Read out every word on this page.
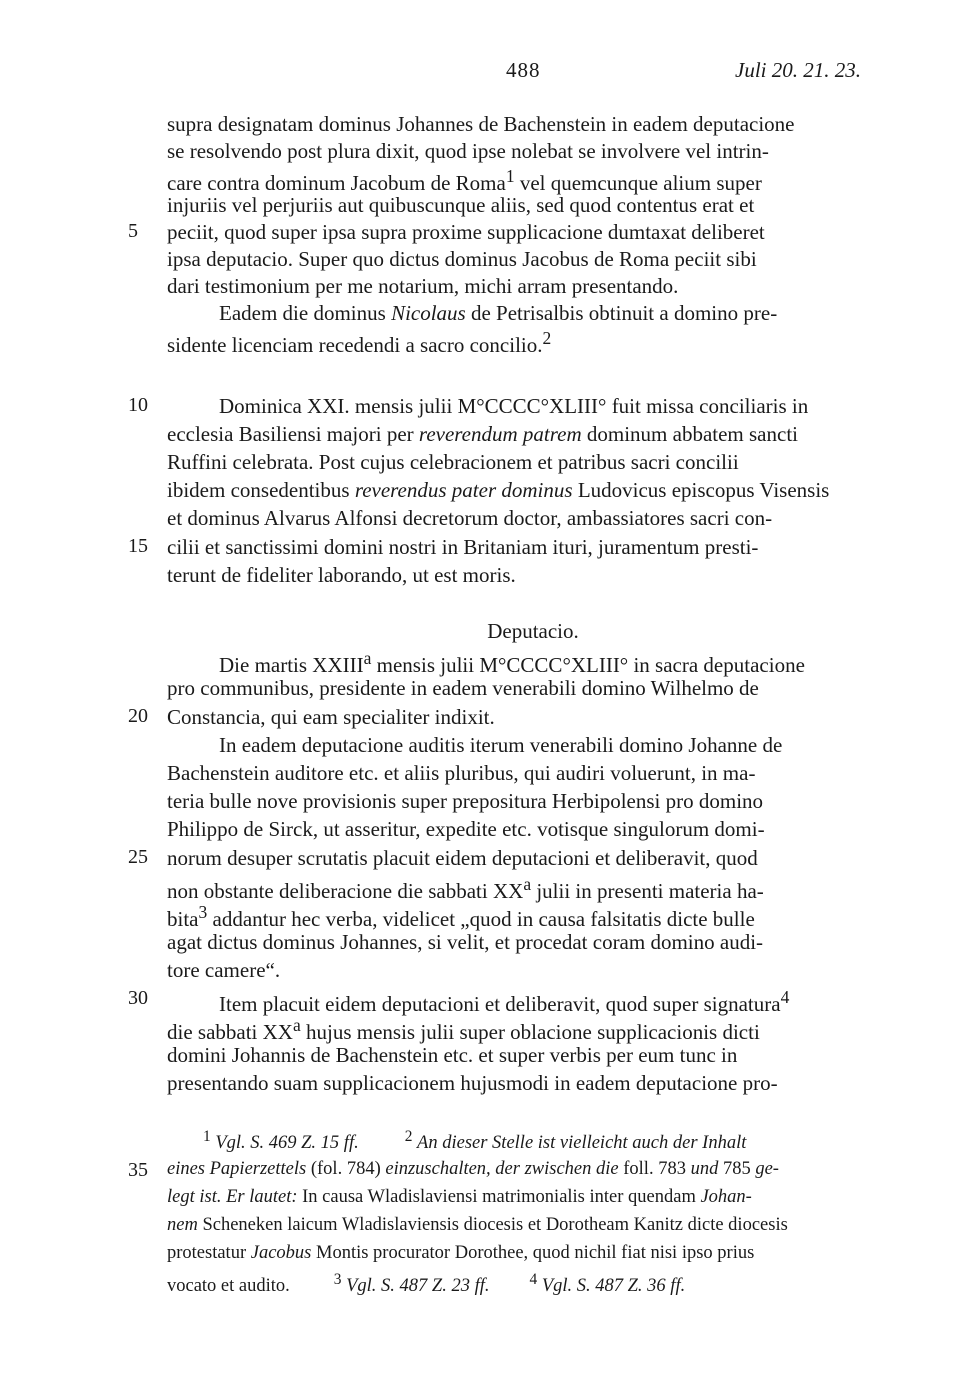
488	Juli 20. 21. 23.
5
10
15
20
25
30
35
supra designatam dominus Johannes de Bachenstein in eadem deputacione
se resolvendo post plura dixit, quod ipse nolebat se involvere vel intrin-
care contra dominum Jacobum de Roma$^1$ vel quemcunque alium super
injuriis vel perjuriis aut quibuscunque aliis, sed quod contentus erat et
peciit, quod super ipsa supra proxime supplicacione dumtaxat deliberet
ipsa deputacio. Super quo dictus dominus Jacobus de Roma peciit sibi
dari testimonium per me notarium, michi arram presentando.
Eadem die dominus Nicolaus de Petrisalbis obtinuit a domino pre-
sidente licenciam recedendi a sacro concilio.$^2$
Dominica XXI. mensis julii M°CCCC°XLIII° fuit missa conciliaris in
ecclesia Basiliensi majori per reverendum patrem dominum abbatem sancti
Ruffini celebrata. Post cujus celebracionem et patribus sacri concilii
ibidem consedentibus reverendus pater dominus Ludovicus episcopus Visensis
et dominus Alvarus Alfonsi decretorum doctor, ambassiatores sacri con-
cilii et sanctissimi domini nostri in Britaniam ituri, juramentum presti-
terunt de fideliter laborando, ut est moris.
Deputacio.
Die martis XXIII$^a$ mensis julii M°CCCC°XLIII° in sacra deputacione
pro communibus, presidente in eadem venerabili domino Wilhelmo de
Constancia, qui eam specialiter indixit.
In eadem deputacione auditis iterum venerabili domino Johanne de
Bachenstein auditore etc. et aliis pluribus, qui audiri voluerunt, in ma-
teria bulle nove provisionis super prepositura Herbipolensi pro domino
Philippo de Sirck, ut asseritur, expedite etc. votisque singulorum domi-
norum desuper scrutatis placuit eidem deputacioni et deliberavit, quod
non obstante deliberacione die sabbati $XX^a$ julii in presenti materia ha-
bita$^3$ addantur hec verba, videlicet „quod in causa falsitatis dicte bulle
agat dictus dominus Johannes, si velit, et procedat coram domino audi-
tore camere“.
Item placuit eidem deputacioni et deliberavit, quod super signatura$^4$
die sabbati $XX^a$ hujus mensis julii super oblacione supplicacionis dicti
domini Johannis de Bachenstein etc. et super verbis per eum tunc in
presentando suam supplicacionem hujusmodi in eadem deputacione pro-
$^1$ Vgl. S. 469 Z. 15 ff.	$^2$ An dieser Stelle ist vielleicht auch der Inhalt
eines Papierzettels (fol. 784) einzuschalten, der zwischen die foll. 783 und 785 ge-
legt ist. Er lautet: In causa Wladislaviensi matrimonialis inter quendam Johan-
nem Scheneken laicum Wladislaviensis diocesis et Dorotheam Kanitz dicte diocesis
protestatur Jacobus Montis procurator Dorothee, quod nichil fiat nisi ipso prius
vocato et audito.	$^3$ Vgl. S. 487 Z. 23 ff.	$^4$ Vgl. S. 487 Z. 36 ff.
